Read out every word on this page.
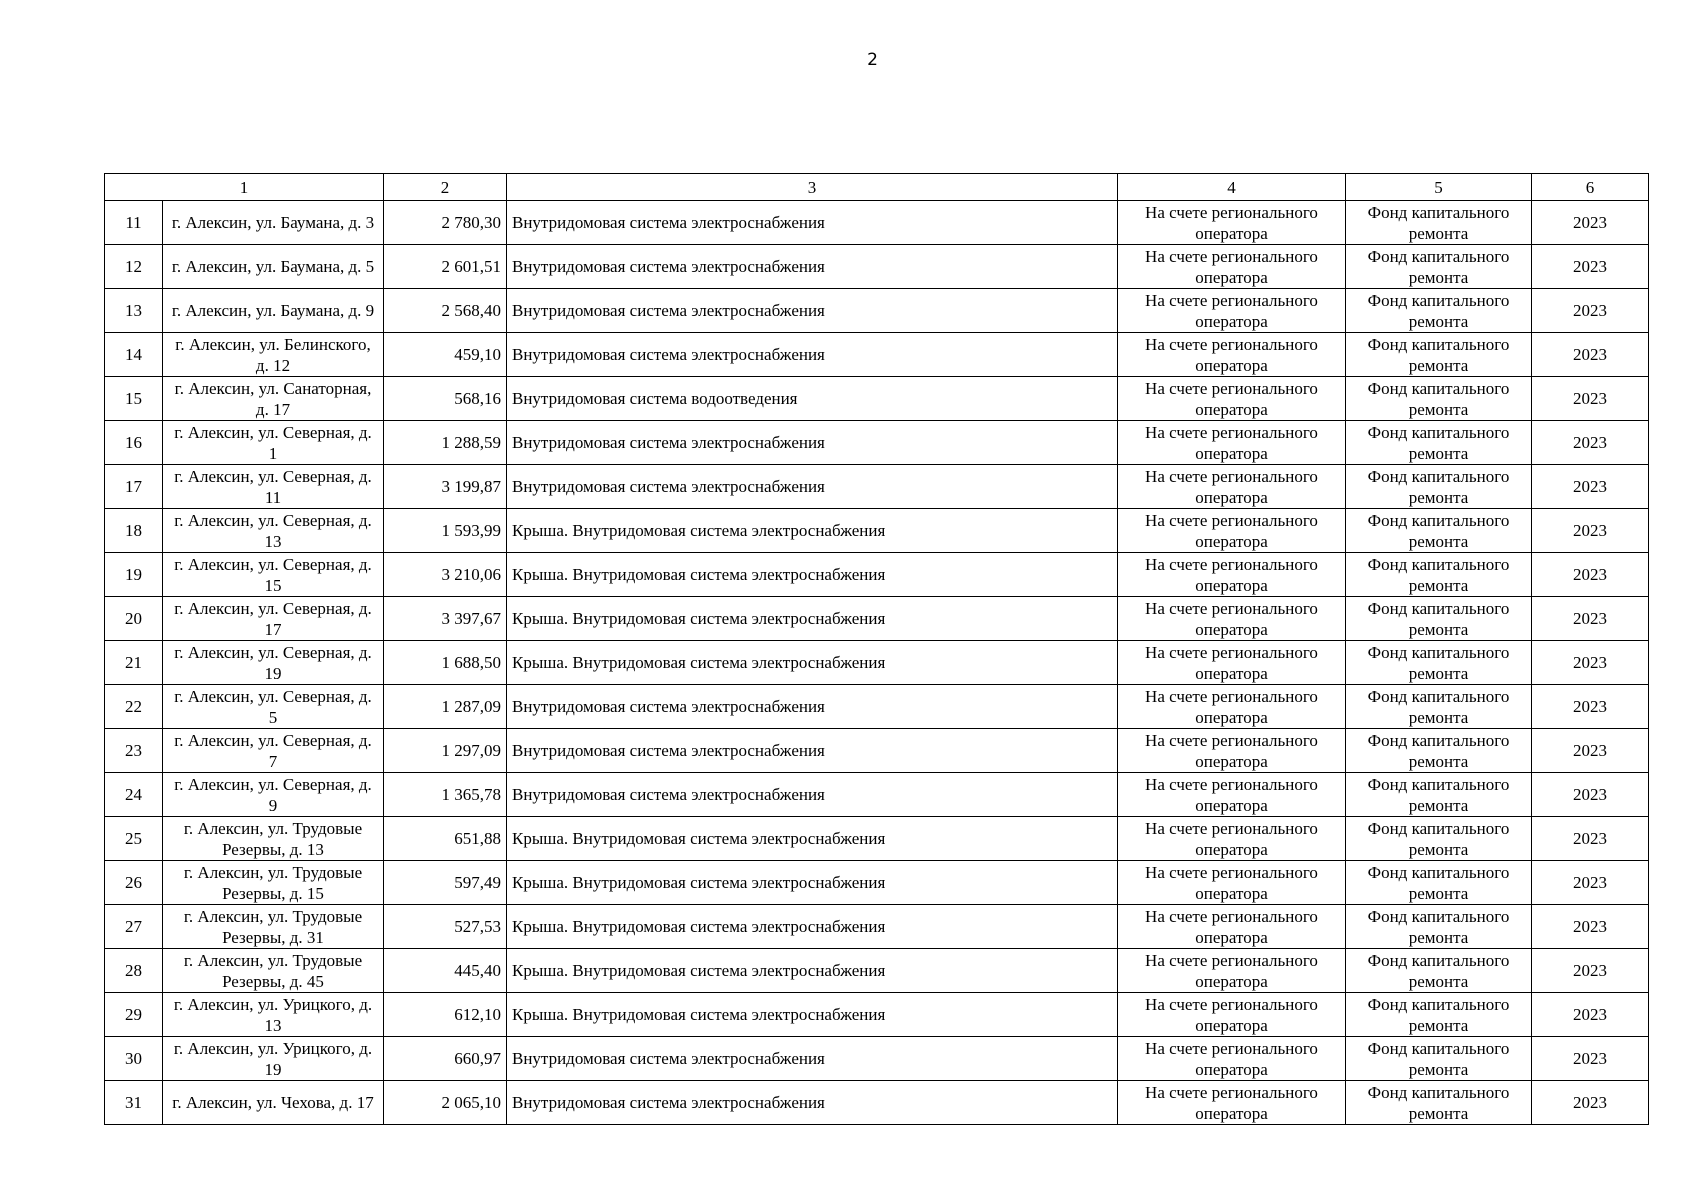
2
1		2	3	4	5	6
11	г. Алексин, ул. Баумана, д. 3	2 780,30	Внутридомовая система электроснабжения	На счете регионального оператора	Фонд капитального ремонта	2023
12	г. Алексин, ул. Баумана, д. 5	2 601,51	Внутридомовая система электроснабжения	На счете регионального оператора	Фонд капитального ремонта	2023
13	г. Алексин, ул. Баумана, д. 9	2 568,40	Внутридомовая система электроснабжения	На счете регионального оператора	Фонд капитального ремонта	2023
14	г. Алексин, ул. Белинского, д. 12	459,10	Внутридомовая система электроснабжения	На счете регионального оператора	Фонд капитального ремонта	2023
15	г. Алексин, ул. Санаторная, д. 17	568,16	Внутридомовая система водоотведения	На счете регионального оператора	Фонд капитального ремонта	2023
16	г. Алексин, ул. Северная, д. 1	1 288,59	Внутридомовая система электроснабжения	На счете регионального оператора	Фонд капитального ремонта	2023
17	г. Алексин, ул. Северная, д. 11	3 199,87	Внутридомовая система электроснабжения	На счете регионального оператора	Фонд капитального ремонта	2023
18	г. Алексин, ул. Северная, д. 13	1 593,99	Крыша. Внутридомовая система электроснабжения	На счете регионального оператора	Фонд капитального ремонта	2023
19	г. Алексин, ул. Северная, д. 15	3 210,06	Крыша. Внутридомовая система электроснабжения	На счете регионального оператора	Фонд капитального ремонта	2023
20	г. Алексин, ул. Северная, д. 17	3 397,67	Крыша. Внутридомовая система электроснабжения	На счете регионального оператора	Фонд капитального ремонта	2023
21	г. Алексин, ул. Северная, д. 19	1 688,50	Крыша. Внутридомовая система электроснабжения	На счете регионального оператора	Фонд капитального ремонта	2023
22	г. Алексин, ул. Северная, д. 5	1 287,09	Внутридомовая система электроснабжения	На счете регионального оператора	Фонд капитального ремонта	2023
23	г. Алексин, ул. Северная, д. 7	1 297,09	Внутридомовая система электроснабжения	На счете регионального оператора	Фонд капитального ремонта	2023
24	г. Алексин, ул. Северная, д. 9	1 365,78	Внутридомовая система электроснабжения	На счете регионального оператора	Фонд капитального ремонта	2023
25	г. Алексин, ул. Трудовые Резервы, д. 13	651,88	Крыша. Внутридомовая система электроснабжения	На счете регионального оператора	Фонд капитального ремонта	2023
26	г. Алексин, ул. Трудовые Резервы, д. 15	597,49	Крыша. Внутридомовая система электроснабжения	На счете регионального оператора	Фонд капитального ремонта	2023
27	г. Алексин, ул. Трудовые Резервы, д. 31	527,53	Крыша. Внутридомовая система электроснабжения	На счете регионального оператора	Фонд капитального ремонта	2023
28	г. Алексин, ул. Трудовые Резервы, д. 45	445,40	Крыша. Внутридомовая система электроснабжения	На счете регионального оператора	Фонд капитального ремонта	2023
29	г. Алексин, ул. Урицкого, д. 13	612,10	Крыша. Внутридомовая система электроснабжения	На счете регионального оператора	Фонд капитального ремонта	2023
30	г. Алексин, ул. Урицкого, д. 19	660,97	Внутридомовая система электроснабжения	На счете регионального оператора	Фонд капитального ремонта	2023
31	г. Алексин, ул. Чехова, д. 17	2 065,10	Внутридомовая система электроснабжения	На счете регионального оператора	Фонд капитального ремонта	2023
